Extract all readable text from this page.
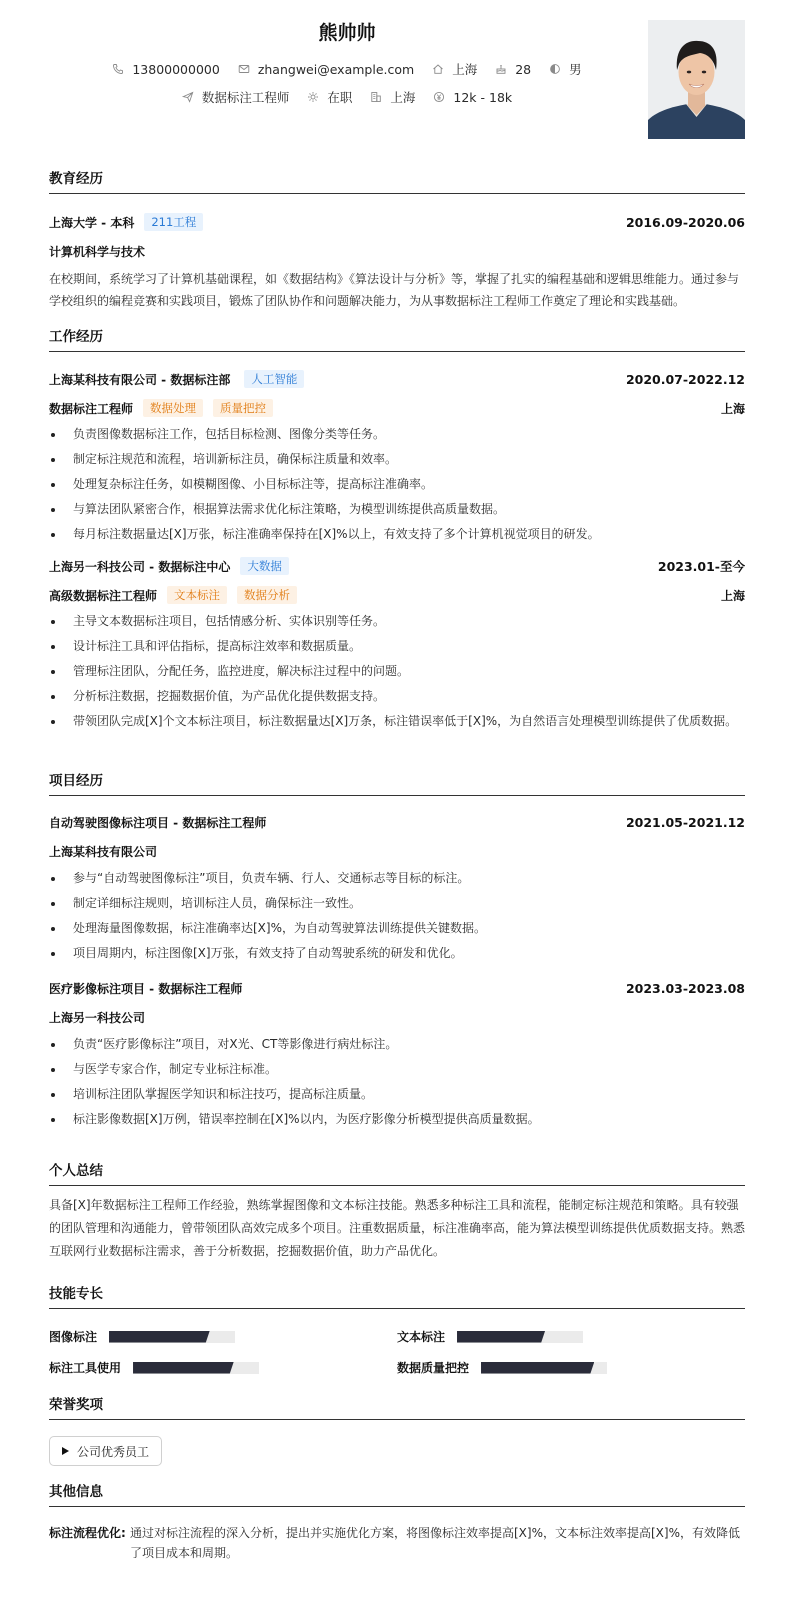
熊帅帅
13800000000	zhangwei@example.com	上海	28	男
数据标注工程师	在职	上海	12k - 18k
教育经历
上海大学 - 本科	211工程	2016.09-2020.06
计算机科学与技术
在校期间，系统学习了计算机基础课程，如《数据结构》《算法设计与分析》等，掌握了扎实的编程基础和逻辑思维能力。通过参与学校组织的编程竞赛和实践项目，锻炼了团队协作和问题解决能力，为从事数据标注工程师工作奠定了理论和实践基础。
工作经历
上海某科技有限公司 - 数据标注部	人工智能	2020.07-2022.12
数据标注工程师	数据处理	质量把控	上海
负责图像数据标注工作，包括目标检测、图像分类等任务。
制定标注规范和流程，培训新标注员，确保标注质量和效率。
处理复杂标注任务，如模糊图像、小目标标注等，提高标注准确率。
与算法团队紧密合作，根据算法需求优化标注策略，为模型训练提供高质量数据。
每月标注数据量达[X]万张，标注准确率保持在[X]%以上，有效支持了多个计算机视觉项目的研发。
上海另一科技公司 - 数据标注中心	大数据	2023.01-至今
高级数据标注工程师	文本标注	数据分析	上海
主导文本数据标注项目，包括情感分析、实体识别等任务。
设计标注工具和评估指标，提高标注效率和数据质量。
管理标注团队，分配任务，监控进度，解决标注过程中的问题。
分析标注数据，挖掘数据价值，为产品优化提供数据支持。
带领团队完成[X]个文本标注项目，标注数据量达[X]万条，标注错误率低于[X]%，为自然语言处理模型训练提供了优质数据。
项目经历
自动驾驶图像标注项目 - 数据标注工程师	2021.05-2021.12
上海某科技有限公司
参与“自动驾驶图像标注”项目，负责车辆、行人、交通标志等目标的标注。
制定详细标注规则，培训标注人员，确保标注一致性。
处理海量图像数据，标注准确率达[X]%，为自动驾驶算法训练提供关键数据。
项目周期内，标注图像[X]万张，有效支持了自动驾驶系统的研发和优化。
医疗影像标注项目 - 数据标注工程师	2023.03-2023.08
上海另一科技公司
负责“医疗影像标注”项目，对X光、CT等影像进行病灶标注。
与医学专家合作，制定专业标注标准。
培训标注团队掌握医学知识和标注技巧，提高标注质量。
标注影像数据[X]万例，错误率控制在[X]%以内，为医疗影像分析模型提供高质量数据。
个人总结
具备[X]年数据标注工程师工作经验，熟练掌握图像和文本标注技能。熟悉多种标注工具和流程，能制定标注规范和策略。具有较强的团队管理和沟通能力，曾带领团队高效完成多个项目。注重数据质量，标注准确率高，能为算法模型训练提供优质数据支持。熟悉互联网行业数据标注需求，善于分析数据，挖掘数据价值，助力产品优化。
技能专长
图像标注	文本标注
标注工具使用	数据质量把控
荣誉奖项
公司优秀员工
其他信息
标注流程优化: 通过对标注流程的深入分析，提出并实施优化方案，将图像标注效率提高[X]%，文本标注效率提高[X]%，有效降低了项目成本和周期。
